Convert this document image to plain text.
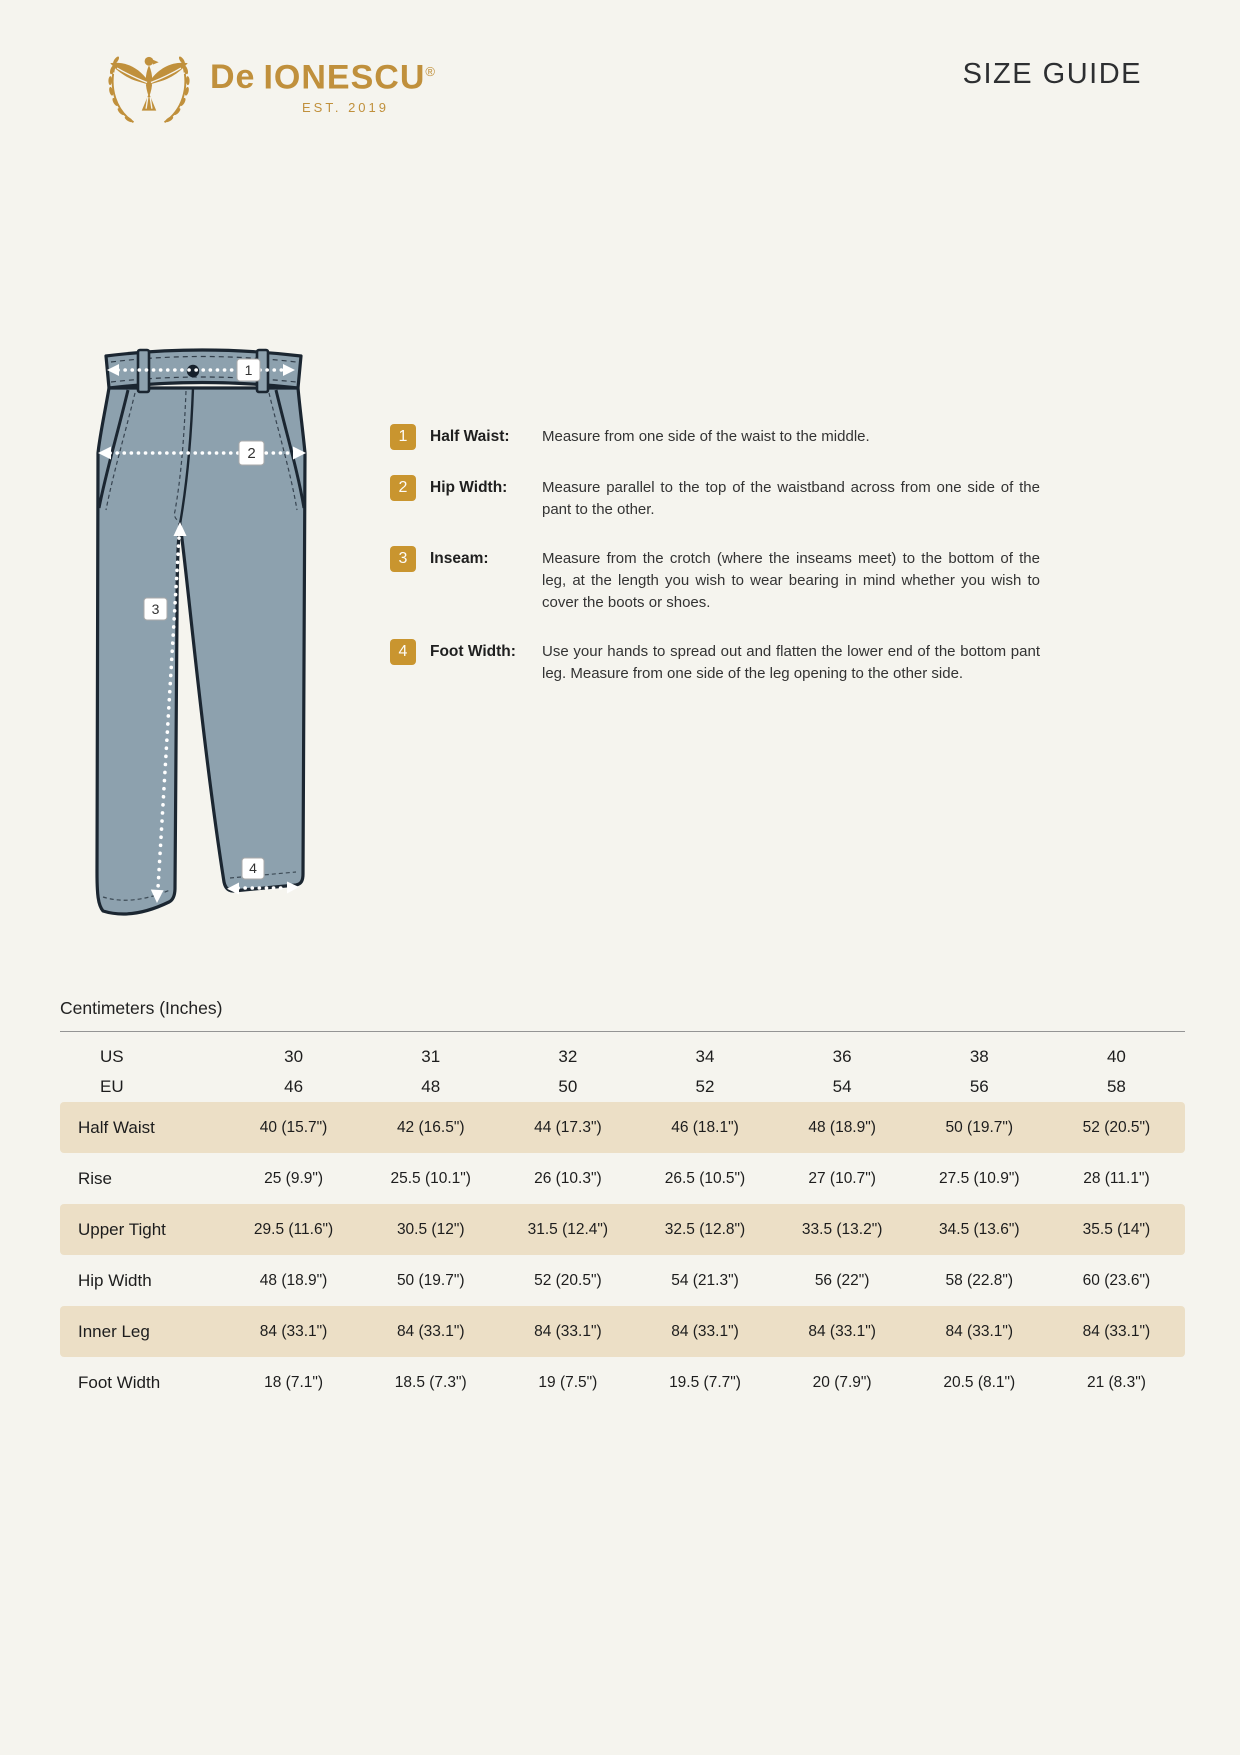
De IONESCU®
EST. 2019
SIZE GUIDE
1
2
3
4
1	Half Waist:	Measure from one side of the waist to the middle.
2	Hip Width:	Measure parallel to the top of the waistband across from one side of the pant to the other.
3	Inseam:	Measure from the crotch (where the inseams meet) to the bottom of the leg, at the length you wish to wear bearing in mind whether you wish to cover the boots or shoes.
4	Foot Width:	Use your hands to spread out and flatten the lower end of the bottom pant leg. Measure from one side of the leg opening to the other side.
Centimeters (Inches)
US	30	31	32	34	36	38	40
EU	46	48	50	52	54	56	58
Half Waist	40 (15.7")	42 (16.5")	44 (17.3")	46 (18.1")	48 (18.9")	50 (19.7")	52 (20.5")
Rise	25 (9.9")	25.5 (10.1")	26 (10.3")	26.5 (10.5")	27 (10.7")	27.5 (10.9")	28 (11.1")
Upper Tight	29.5 (11.6")	30.5 (12")	31.5 (12.4")	32.5 (12.8")	33.5 (13.2")	34.5 (13.6")	35.5 (14")
Hip Width	48 (18.9")	50 (19.7")	52 (20.5")	54 (21.3")	56 (22")	58 (22.8")	60 (23.6")
Inner Leg	84 (33.1")	84 (33.1")	84 (33.1")	84 (33.1")	84 (33.1")	84 (33.1")	84 (33.1")
Foot Width	18 (7.1")	18.5 (7.3")	19 (7.5")	19.5 (7.7")	20 (7.9")	20.5 (8.1")	21 (8.3")
